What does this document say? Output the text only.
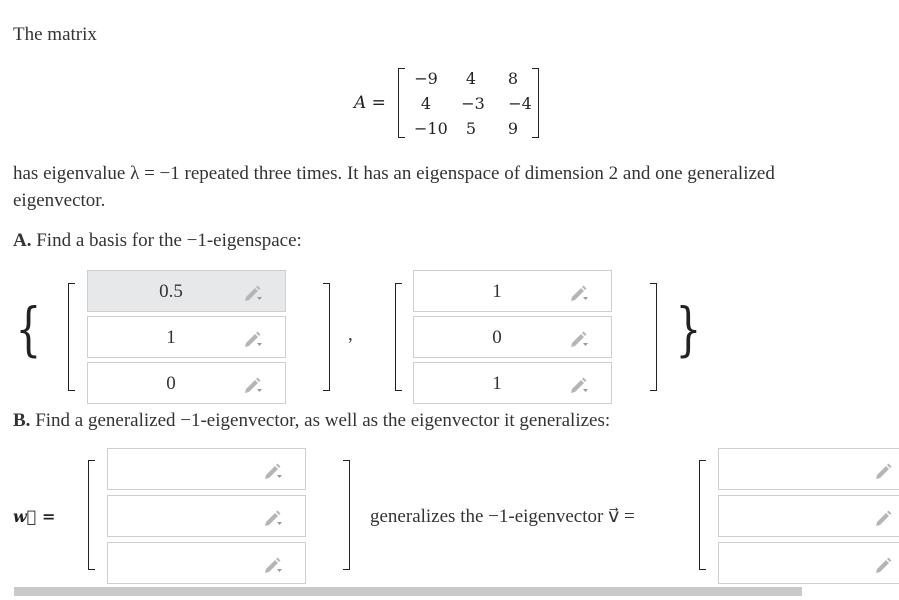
The matrix
A =
−9	4	8
4	−3 −4
−10	5	9
has eigenvalue λ = −1 repeated three times. It has an eigenspace of dimension 2 and one generalized
eigenvector.
A. Find a basis for the −1-eigenspace:
{	}
0.5
1
0
,
1
0
1
B. Find a generalized −1-eigenvector, as well as the eigenvector it generalizes:
w⃗ =	generalizes the −1-eigenvector v⃗ =
